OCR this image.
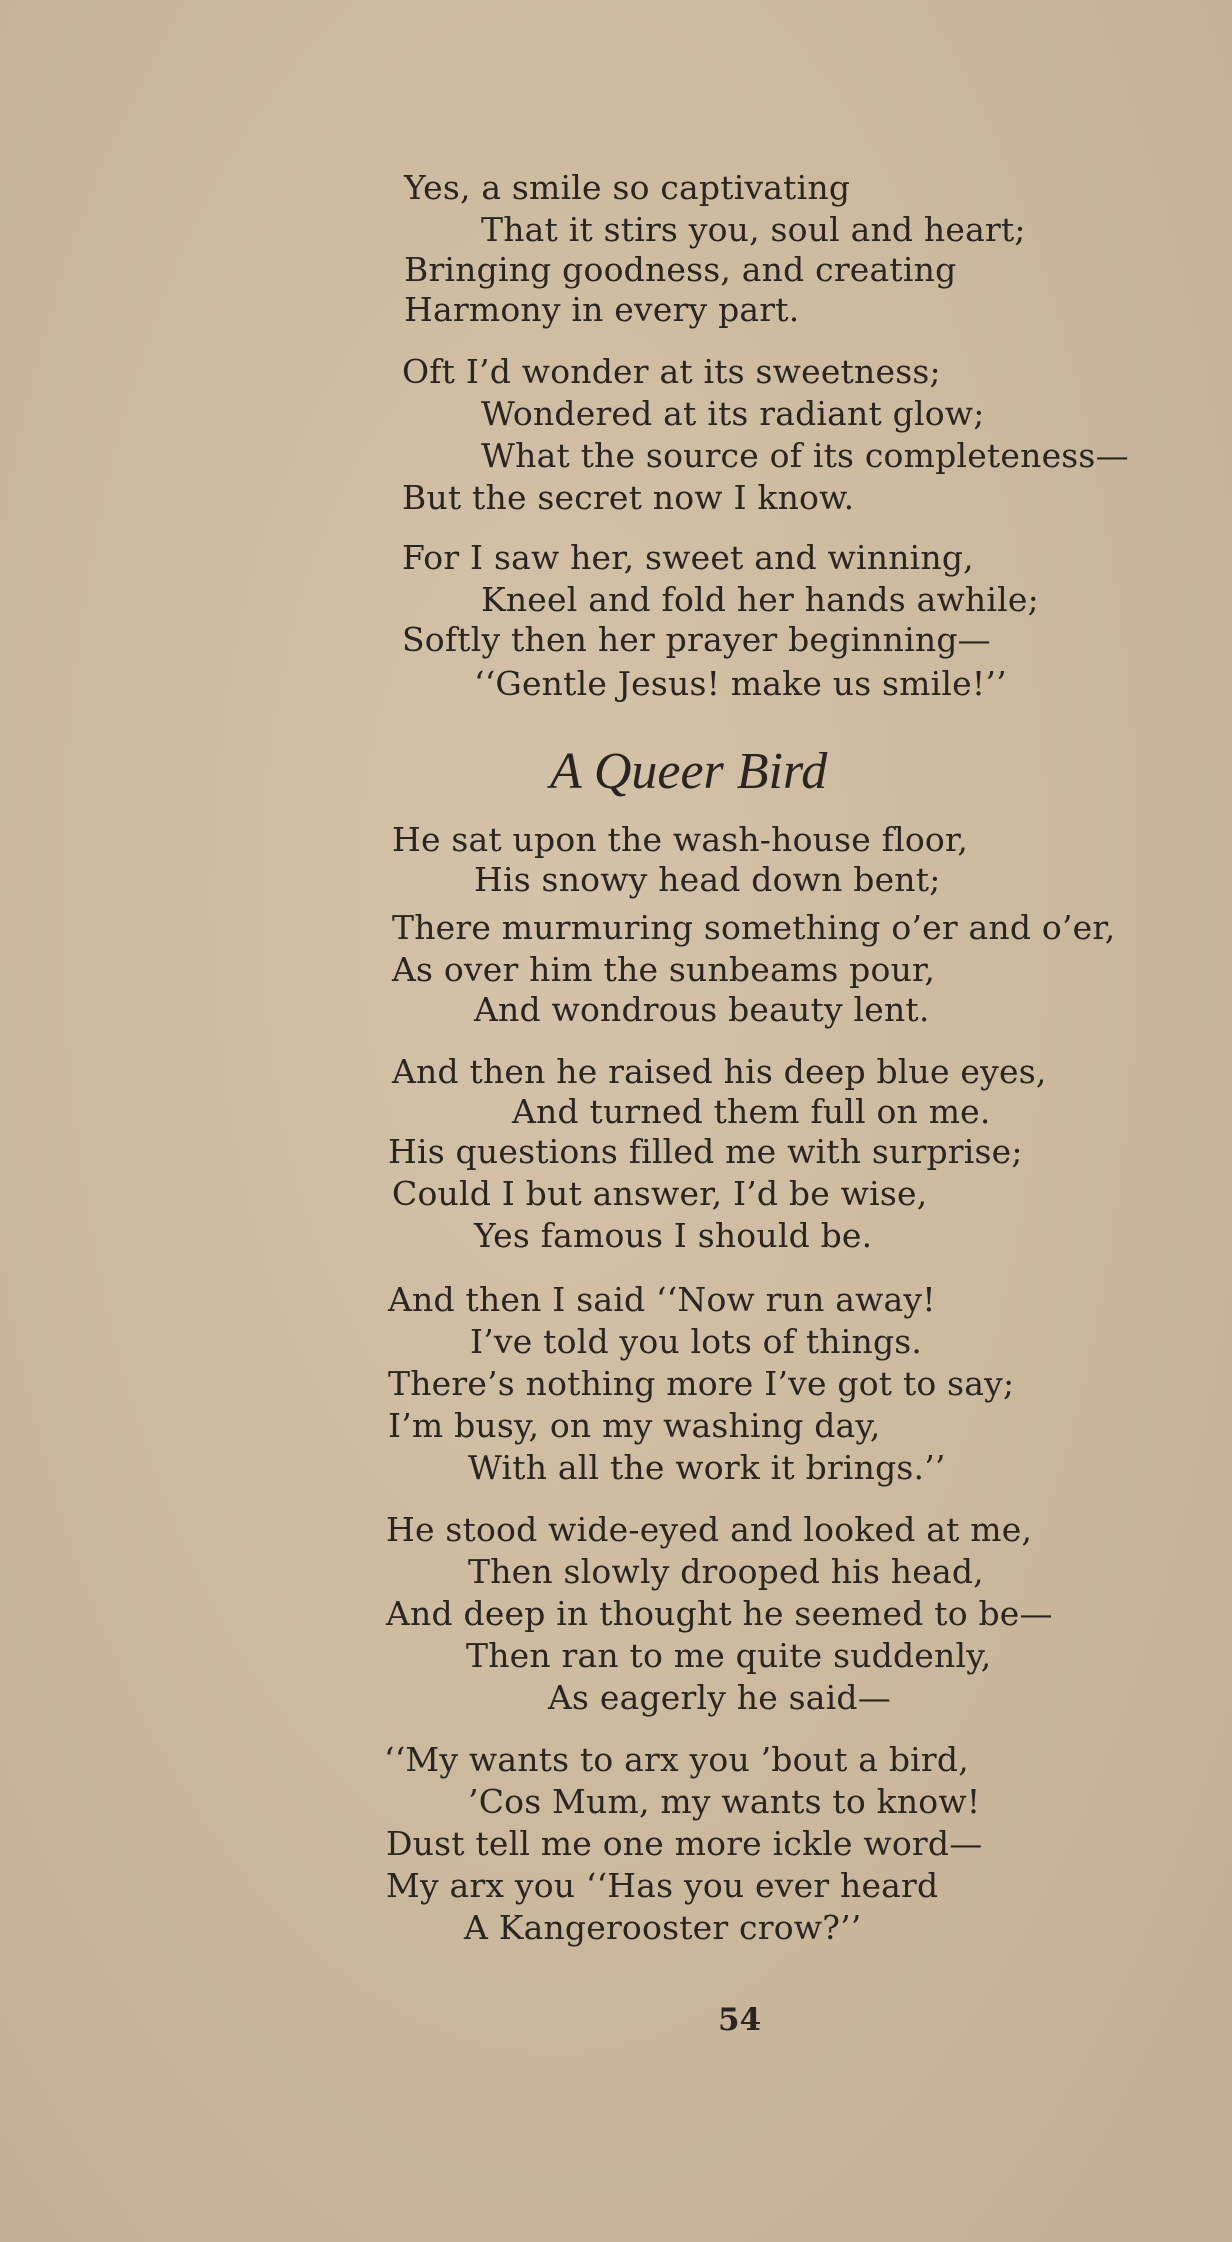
Yes, a smile so captivating
That it stirs you, soul and heart;
Bringing goodness, and creating
Harmony in every part.
Oft I’d wonder at its sweetness;
Wondered at its radiant glow;
What the source of its completeness—
But the secret now I know.
For I saw her, sweet and winning,
Kneel and fold her hands awhile;
Softly then her prayer beginning—
‘‘Gentle Jesus! make us smile!’’
A Queer Bird
He sat upon the wash-house floor,
His snowy head down bent;
There murmuring something o’er and o’er,
As over him the sunbeams pour,
And wondrous beauty lent.
And then he raised his deep blue eyes,
And turned them full on me.
His questions filled me with surprise;
Could I but answer, I’d be wise,
Yes famous I should be.
And then I said ‘‘Now run away!
I’ve told you lots of things.
There’s nothing more I’ve got to say;
I’m busy, on my washing day,
With all the work it brings.’’
He stood wide-eyed and looked at me,
Then slowly drooped his head,
And deep in thought he seemed to be—
Then ran to me quite suddenly,
As eagerly he said—
‘‘My wants to arx you ’bout a bird,
’Cos Mum, my wants to know!
Dust tell me one more ickle word—
My arx you ‘‘Has you ever heard
A Kangerooster crow?’’
54
